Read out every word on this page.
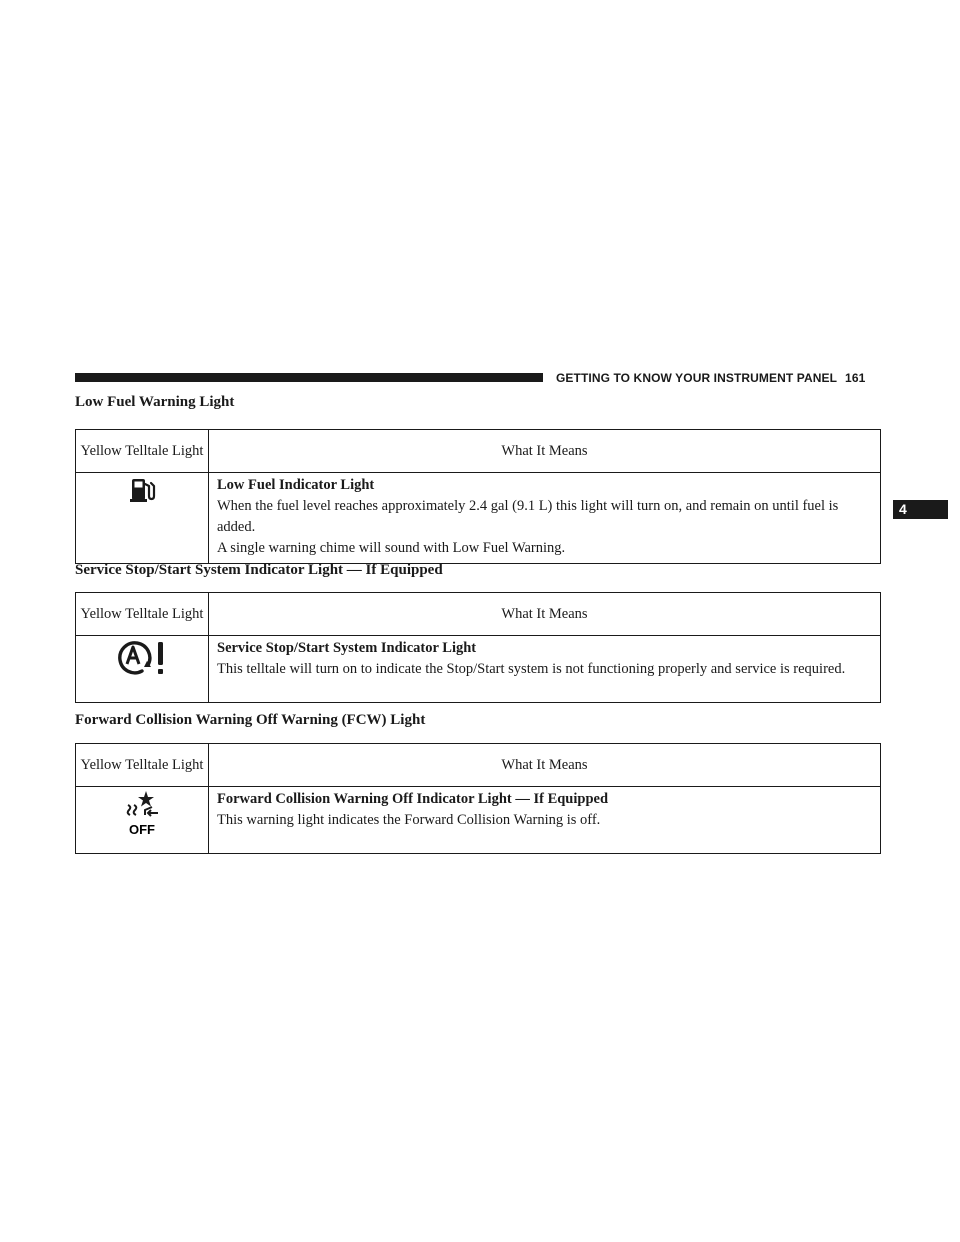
GETTING TO KNOW YOUR INSTRUMENT PANEL 161
4
Low Fuel Warning Light
Yellow Telltale Light	What It Means

Low Fuel Indicator Light
When the fuel level reaches approximately 2.4 gal (9.1 L) this light will turn on, and remain on until fuel is added.
A single warning chime will sound with Low Fuel Warning.
Service Stop/Start System Indicator Light — If Equipped
Yellow Telltale Light	What It Means

Service Stop/Start System Indicator Light
This telltale will turn on to indicate the Stop/Start system is not functioning properly and service is required.
Forward Collision Warning Off Warning (FCW) Light
Yellow Telltale Light	What It Means

OFF	Forward Collision Warning Off Indicator Light — If Equipped
This warning light indicates the Forward Collision Warning is off.
